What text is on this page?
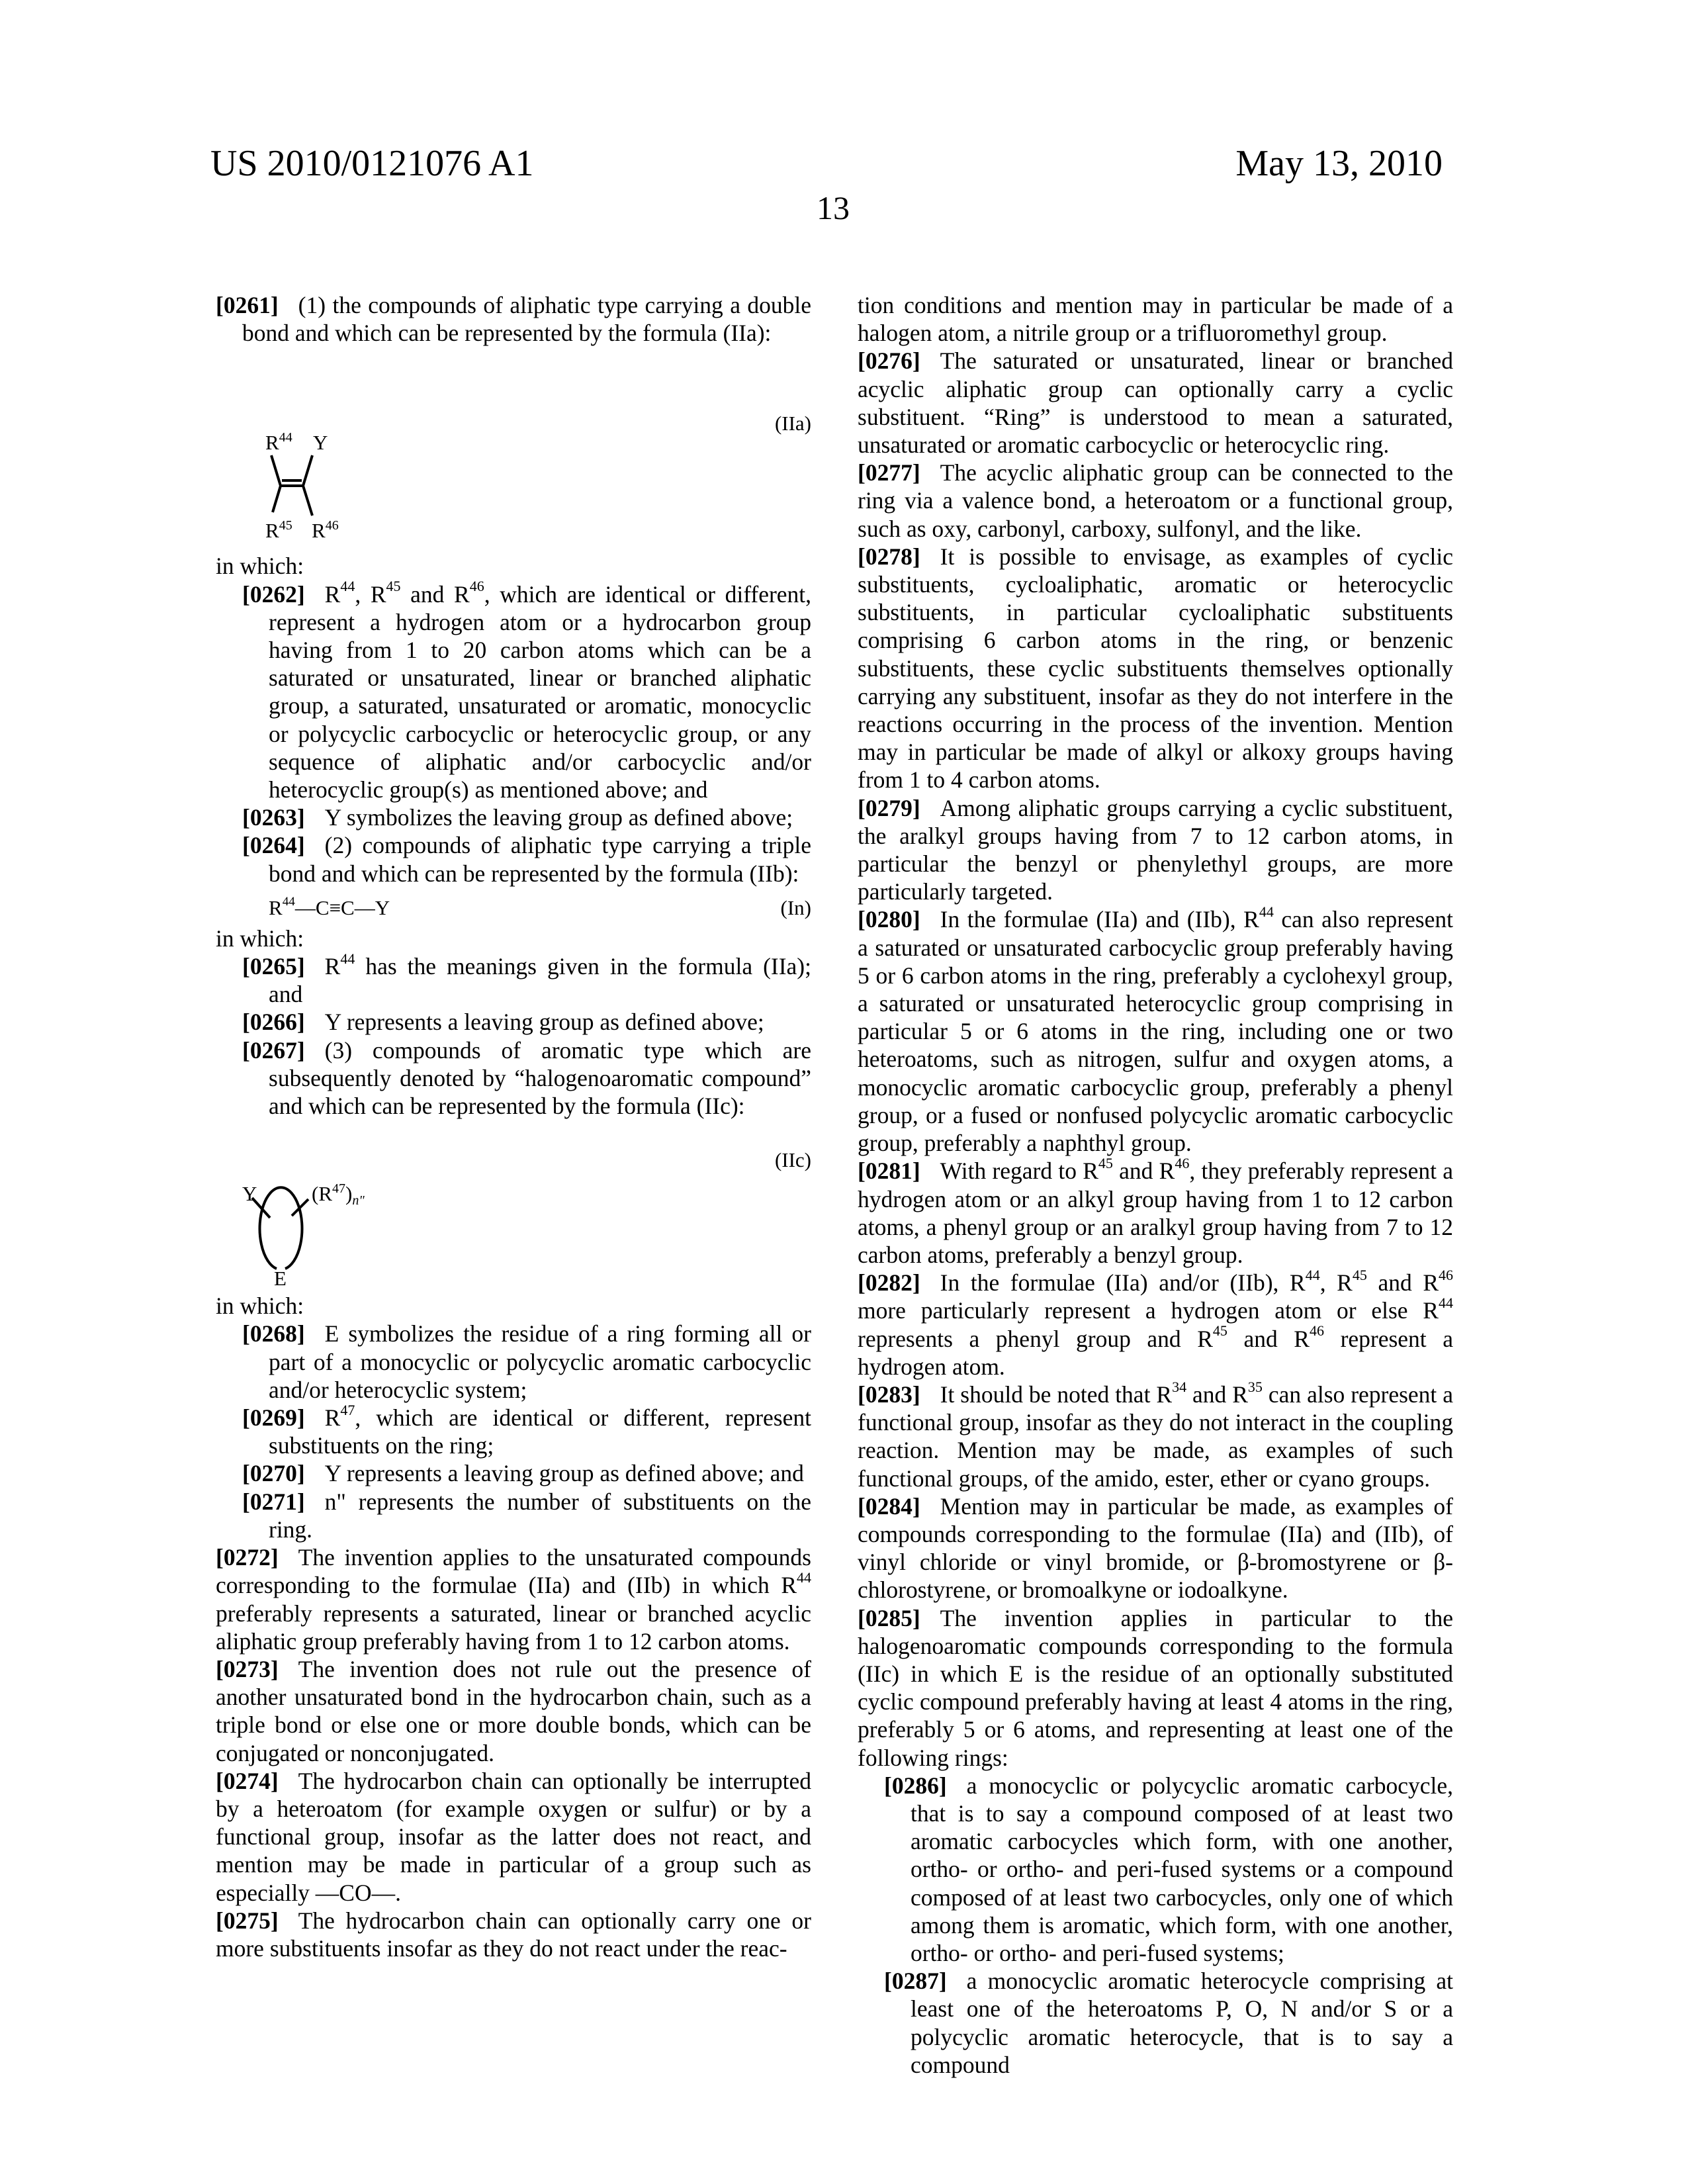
US 2010/0121076 A1	May 13, 2010
13

[0261] (1) the compounds of aliphatic type carrying a double bond and which can be represented by the formula (IIa):

(IIa)
$R^{44}$ Y
$R^{45}$ $R^{46}$

in which:

[0262] $R^{44}$, $R^{45}$ and $R^{46}$, which are identical or different, represent a hydrogen atom or a hydrocarbon group having from 1 to 20 carbon atoms which can be a saturated or unsaturated, linear or branched aliphatic group, a saturated, unsaturated or aromatic, monocyclic or polycyclic carbocyclic or heterocyclic group, or any sequence of aliphatic and/or carbocyclic and/or heterocyclic group(s) as mentioned above; and

[0263] Y symbolizes the leaving group as defined above;

[0264] (2) compounds of aliphatic type carrying a triple bond and which can be represented by the formula (IIb):

$R^{44}—C\equiv C—Y$	(In)

in which:

[0265] $R^{44}$ has the meanings given in the formula (IIa); and

[0266] Y represents a leaving group as defined above;

[0267] (3) compounds of aromatic type which are subsequently denoted by “halogenoaromatic compound” and which can be represented by the formula (IIc):

(IIc)
Y
E
$(R^{47})n$"

in which:

[0268] E symbolizes the residue of a ring forming all or part of a monocyclic or polycyclic aromatic carbocyclic and/or heterocyclic system;

[0269] $R^{47}$, which are identical or different, represent substituents on the ring;

[0270] Y represents a leaving group as defined above; and

[0271] n" represents the number of substituents on the ring.

[0272] The invention applies to the unsaturated compounds corresponding to the formulae (IIa) and (IIb) in which $R^{44}$ preferably represents a saturated, linear or branched acyclic aliphatic group preferably having from 1 to 12 carbon atoms.

[0273] The invention does not rule out the presence of another unsaturated bond in the hydrocarbon chain, such as a triple bond or else one or more double bonds, which can be conjugated or nonconjugated.

[0274] The hydrocarbon chain can optionally be interrupted by a heteroatom (for example oxygen or sulfur) or by a functional group, insofar as the latter does not react, and mention may be made in particular of a group such as especially —CO—.

[0275] The hydrocarbon chain can optionally carry one or more substituents insofar as they do not react under the reac-

tion conditions and mention may in particular be made of a halogen atom, a nitrile group or a trifluoromethyl group.

[0276] The saturated or unsaturated, linear or branched acyclic aliphatic group can optionally carry a cyclic substituent. “Ring” is understood to mean a saturated, unsaturated or aromatic carbocyclic or heterocyclic ring.

[0277] The acyclic aliphatic group can be connected to the ring via a valence bond, a heteroatom or a functional group, such as oxy, carbonyl, carboxy, sulfonyl, and the like.

[0278] It is possible to envisage, as examples of cyclic substituents, cycloaliphatic, aromatic or heterocyclic substituents, in particular cycloaliphatic substituents comprising 6 carbon atoms in the ring, or benzenic substituents, these cyclic substituents themselves optionally carrying any substituent, insofar as they do not interfere in the reactions occurring in the process of the invention. Mention may in particular be made of alkyl or alkoxy groups having from 1 to 4 carbon atoms.

[0279] Among aliphatic groups carrying a cyclic substituent, the aralkyl groups having from 7 to 12 carbon atoms, in particular the benzyl or phenylethyl groups, are more particularly targeted.

[0280] In the formulae (IIa) and (IIb), $R^{44}$ can also represent a saturated or unsaturated carbocyclic group preferably having 5 or 6 carbon atoms in the ring, preferably a cyclohexyl group, a saturated or unsaturated heterocyclic group comprising in particular 5 or 6 atoms in the ring, including one or two heteroatoms, such as nitrogen, sulfur and oxygen atoms, a monocyclic aromatic carbocyclic group, preferably a phenyl group, or a fused or nonfused polycyclic aromatic carbocyclic group, preferably a naphthyl group.

[0281] With regard to $R^{45}$ and $R^{46}$, they preferably represent a hydrogen atom or an alkyl group having from 1 to 12 carbon atoms, a phenyl group or an aralkyl group having from 7 to 12 carbon atoms, preferably a benzyl group.

[0282] In the formulae (IIa) and/or (IIb), $R^{44}$, $R^{45}$ and $R^{46}$ more particularly represent a hydrogen atom or else $R^{44}$ represents a phenyl group and $R^{45}$ and $R^{46}$ represent a hydrogen atom.

[0283] It should be noted that $R^{34}$ and $R^{35}$ can also represent a functional group, insofar as they do not interact in the coupling reaction. Mention may be made, as examples of such functional groups, of the amido, ester, ether or cyano groups.

[0284] Mention may in particular be made, as examples of compounds corresponding to the formulae (IIa) and (IIb), of vinyl chloride or vinyl bromide, or β-bromostyrene or β-chlorostyrene, or bromoalkyne or iodoalkyne.

[0285] The invention applies in particular to the halogenoaromatic compounds corresponding to the formula (IIc) in which E is the residue of an optionally substituted cyclic compound preferably having at least 4 atoms in the ring, preferably 5 or 6 atoms, and representing at least one of the following rings:

[0286] a monocyclic or polycyclic aromatic carbocycle, that is to say a compound composed of at least two aromatic carbocycles which form, with one another, ortho- or ortho- and peri-fused systems or a compound composed of at least two carbocycles, only one of which among them is aromatic, which form, with one another, ortho- or ortho- and peri-fused systems;

[0287] a monocyclic aromatic heterocycle comprising at least one of the heteroatoms P, O, N and/or S or a polycyclic aromatic heterocycle, that is to say a compound
